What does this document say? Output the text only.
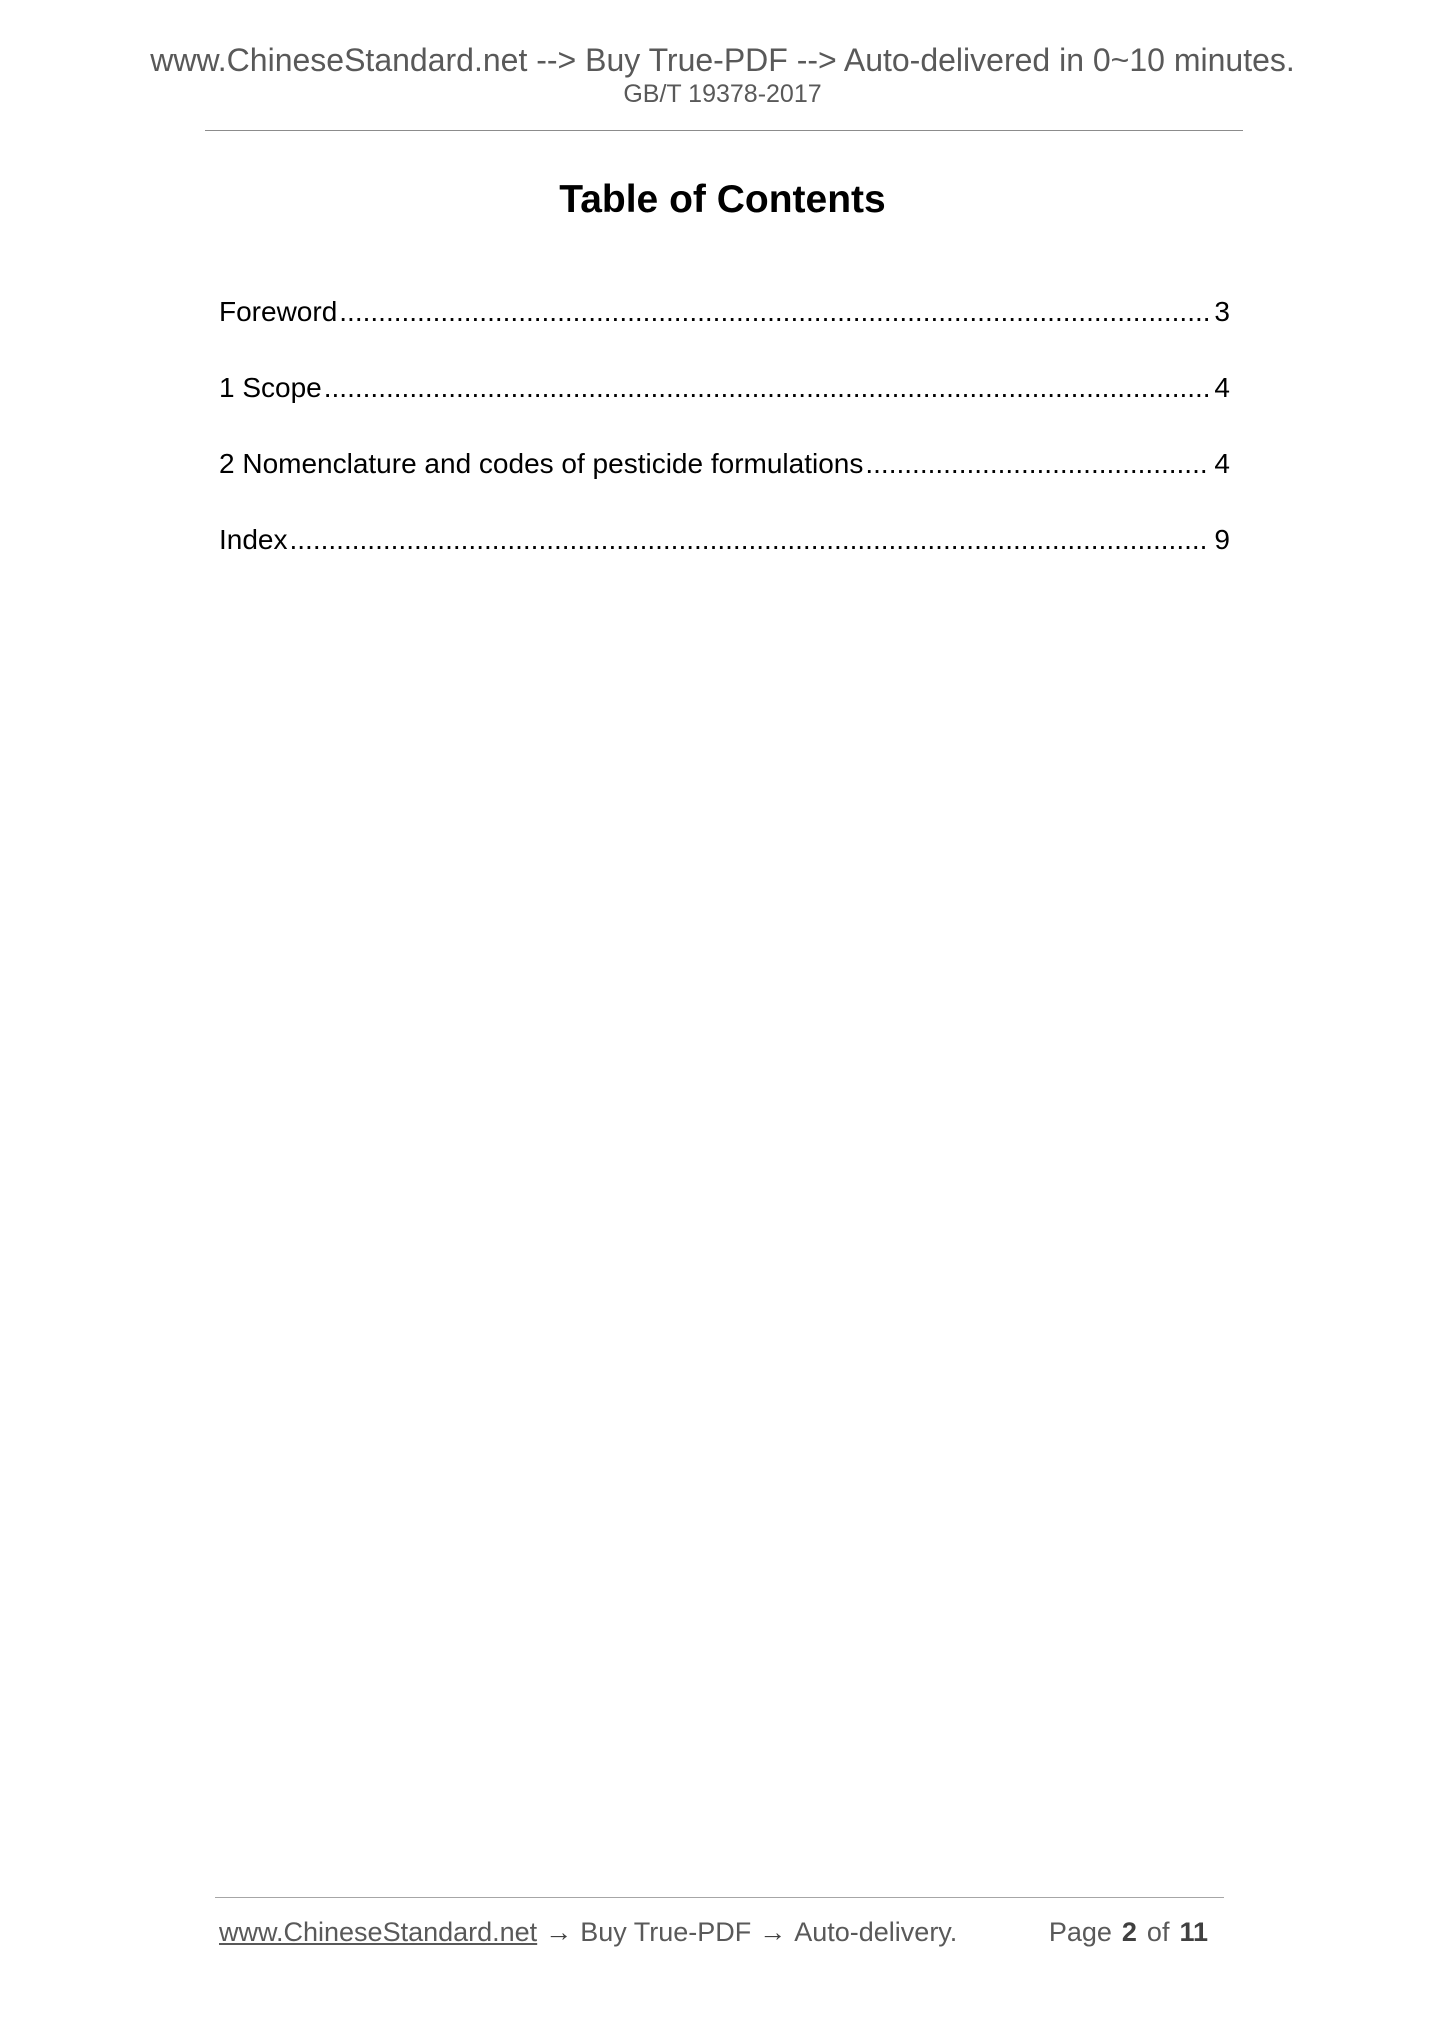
www.ChineseStandard.net --> Buy True-PDF --> Auto-delivered in 0~10 minutes.
GB/T 19378-2017
Table of Contents
Foreword .....	3
1 Scope .....	4
2 Nomenclature and codes of pesticide formulations .....	4
Index .....	9
www.ChineseStandard.net → Buy True-PDF → Auto-delivery.	Page 2 of 11
